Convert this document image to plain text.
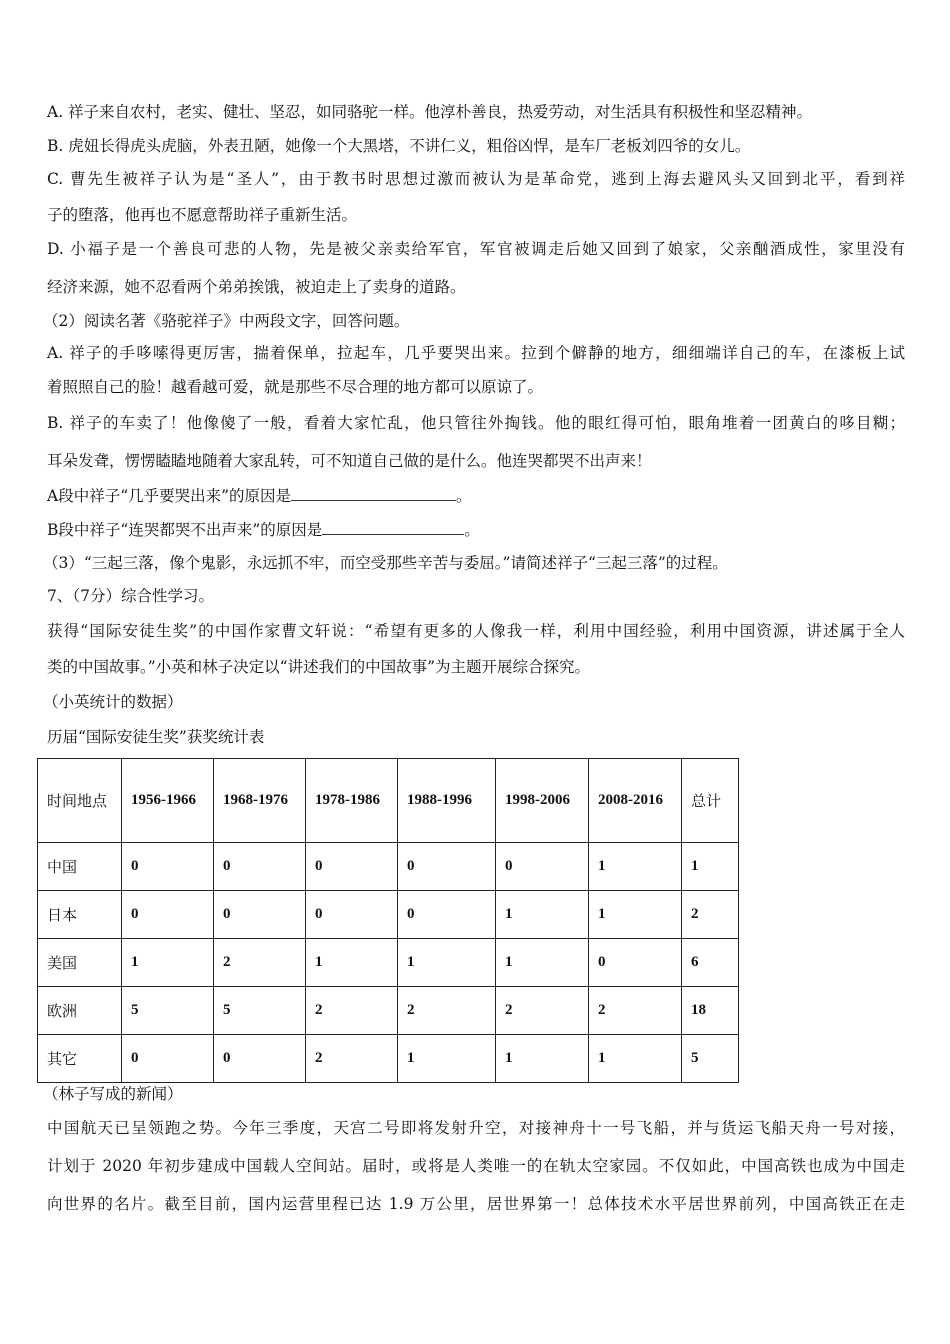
A. 祥子来自农村，老实、健壮、坚忍，如同骆驼一样。他淳朴善良，热爱劳动，对生活具有积极性和坚忍精神。
B. 虎妞长得虎头虎脑，外表丑陋，她像一个大黑塔，不讲仁义，粗俗凶悍，是车厂老板刘四爷的女儿。
C. 曹先生被祥子认为是“圣人”，由于教书时思想过激而被认为是革命党，逃到上海去避风头又回到北平，看到祥
子的堕落，他再也不愿意帮助祥子重新生活。
D. 小福子是一个善良可悲的人物，先是被父亲卖给军官，军官被调走后她又回到了娘家，父亲酗酒成性，家里没有
经济来源，她不忍看两个弟弟挨饿，被迫走上了卖身的道路。
（2）阅读名著《骆驼祥子》中两段文字，回答问题。
A. 祥子的手哆嗦得更厉害，揣着保单，拉起车，几乎要哭出来。拉到个僻静的地方，细细端详自己的车，在漆板上试
着照照自己的脸！越看越可爱，就是那些不尽合理的地方都可以原谅了。
B. 祥子的车卖了！他像傻了一般，看着大家忙乱，他只管往外掏钱。他的眼红得可怕，眼角堆着一团黄白的哆目糊；
耳朵发聋，愣愣瞌瞌地随着大家乱转，可不知道自己做的是什么。他连哭都哭不出声来！
A段中祥子“几乎要哭出来”的原因是	。
B段中祥子“连哭都哭不出声来”的原因是	。
（3）“三起三落，像个鬼影，永远抓不牢，而空受那些辛苦与委屈。”请简述祥子“三起三落”的过程。
7、（7分）综合性学习。
获得“国际安徒生奖”的中国作家曹文轩说：“希望有更多的人像我一样，利用中国经验，利用中国资源，讲述属于全人
类的中国故事。”小英和林子决定以“讲述我们的中国故事”为主题开展综合探究。
（小英统计的数据）
历届“国际安徒生奖”获奖统计表
时间地点	1956-1966	1968-1976	1978-1986	1988-1996	1998-2006	2008-2016	总计
中国	0	0	0	0	0	1	1
日本	0	0	0	0	1	1	2
美国	1	2	1	1	1	0	6
欧洲	5	5	2	2	2	2	18
其它	0	0	2	1	1	1	5
（林子写成的新闻）
中国航天已呈领跑之势。今年三季度，天宫二号即将发射升空，对接神舟十一号飞船，并与货运飞船天舟一号对接，
计划于 2020 年初步建成中国载人空间站。届时，或将是人类唯一的在轨太空家园。不仅如此，中国高铁也成为中国走
向世界的名片。截至目前，国内运营里程已达 1.9 万公里，居世界第一！总体技术水平居世界前列，中国高铁正在走
